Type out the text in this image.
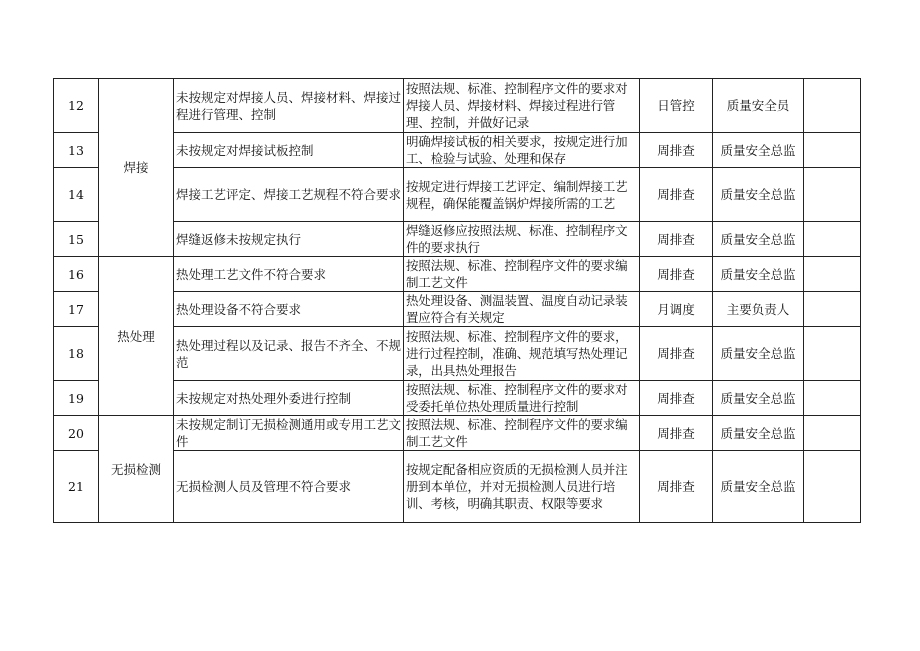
12	焊接	未按规定对焊接人员、焊接材料、焊接过程进行管理、控制	按照法规、标准、控制程序文件的要求对焊接人员、焊接材料、焊接过程进行管理、控制，并做好记录	日管控	质量安全员	
13		未按规定对焊接试板控制	明确焊接试板的相关要求，按规定进行加工、检验与试验、处理和保存	周排查	质量安全总监	
14		焊接工艺评定、焊接工艺规程不符合要求	按规定进行焊接工艺评定、编制焊接工艺规程，确保能覆盖锅炉焊接所需的工艺	周排查	质量安全总监	
15		焊缝返修未按规定执行	焊缝返修应按照法规、标准、控制程序文件的要求执行	周排查	质量安全总监	
16	热处理	热处理工艺文件不符合要求	按照法规、标准、控制程序文件的要求编制工艺文件	周排查	质量安全总监	
17		热处理设备不符合要求	热处理设备、测温装置、温度自动记录装置应符合有关规定	月调度	主要负责人	
18		热处理过程以及记录、报告不齐全、不规范	按照法规、标准、控制程序文件的要求，进行过程控制，准确、规范填写热处理记录，出具热处理报告	周排查	质量安全总监	
19		未按规定对热处理外委进行控制	按照法规、标准、控制程序文件的要求对受委托单位热处理质量进行控制	周排查	质量安全总监	
20	无损检测	未按规定制订无损检测通用或专用工艺文件	按照法规、标准、控制程序文件的要求编制工艺文件	周排查	质量安全总监	
21		无损检测人员及管理不符合要求	按规定配备相应资质的无损检测人员并注册到本单位，并对无损检测人员进行培训、考核，明确其职责、权限等要求	周排查	质量安全总监	
